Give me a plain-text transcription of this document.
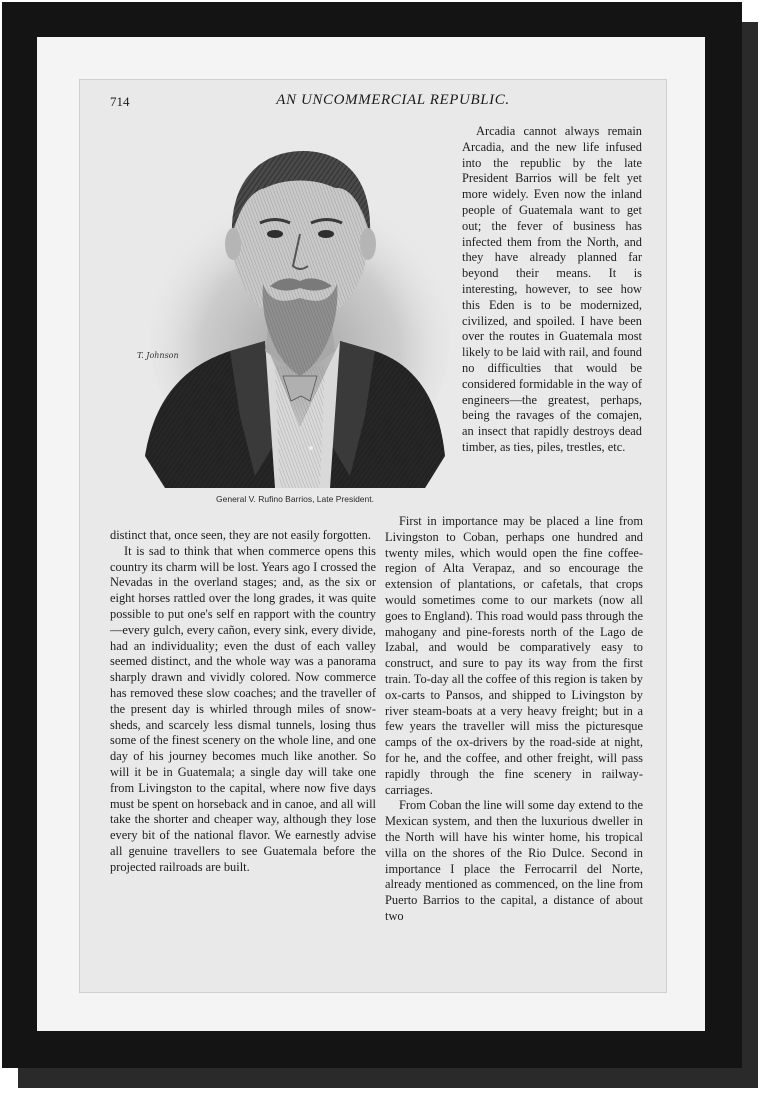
714	AN UNCOMMERCIAL REPUBLIC.
T. Johnson
General V. Rufino Barrios, Late President.

Arcadia cannot always remain Arcadia, and the new life infused into the republic by the late President Barrios will be felt yet more widely. Even now the inland people of Guatemala want to get out; the fever of business has infected them from the North, and they have already planned far beyond their means. It is interesting, however, to see how this Eden is to be modernized, civilized, and spoiled. I have been over the routes in Guatemala most likely to be laid with rail, and found no difficulties that would be considered formidable in the way of engineers—the greatest, perhaps, being the ravages of the comajen, an insect that rapidly destroys dead timber, as ties, piles, trestles, etc.

distinct that, once seen, they are not easily forgotten.

It is sad to think that when commerce opens this country its charm will be lost. Years ago I crossed the Nevadas in the overland stages; and, as the six or eight horses rattled over the long grades, it was quite possible to put one's self en rapport with the country—every gulch, every cañon, every sink, every divide, had an individuality; even the dust of each valley seemed distinct, and the whole way was a panorama sharply drawn and vividly colored. Now commerce has removed these slow coaches; and the traveller of the present day is whirled through miles of snow-sheds, and scarcely less dismal tunnels, losing thus some of the finest scenery on the whole line, and one day of his journey becomes much like another. So will it be in Guatemala; a single day will take one from Livingston to the capital, where now five days must be spent on horseback and in canoe, and all will take the shorter and cheaper way, although they lose every bit of the national flavor. We earnestly advise all genuine travellers to see Guatemala before the projected railroads are built.

First in importance may be placed a line from Livingston to Coban, perhaps one hundred and twenty miles, which would open the fine coffee-region of Alta Verapaz, and so encourage the extension of plantations, or cafetals, that crops would sometimes come to our markets (now all goes to England). This road would pass through the mahogany and pine-forests north of the Lago de Izabal, and would be comparatively easy to construct, and sure to pay its way from the first train. To-day all the coffee of this region is taken by ox-carts to Pansos, and shipped to Livingston by river steam-boats at a very heavy freight; but in a few years the traveller will miss the picturesque camps of the ox-drivers by the road-side at night, for he, and the coffee, and other freight, will pass rapidly through the fine scenery in railway-carriages.

From Coban the line will some day extend to the Mexican system, and then the luxurious dweller in the North will have his winter home, his tropical villa on the shores of the Rio Dulce. Second in importance I place the Ferrocarril del Norte, already mentioned as commenced, on the line from Puerto Barrios to the capital, a distance of about two
